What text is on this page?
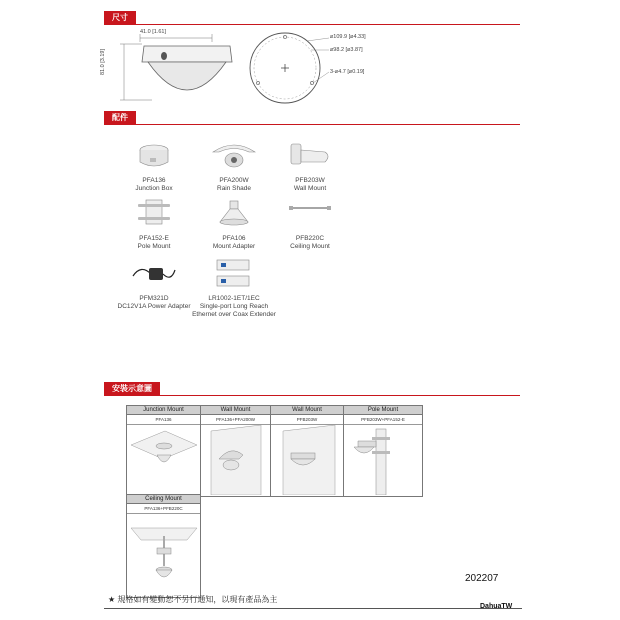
尺寸
41.0 [1.61]
81.0 [3.19]
⌀109.9 [⌀4.33]
⌀98.2 [⌀3.87]
3-⌀4.7 [⌀0.19]
配件
PFA136
Junction Box
PFA200W
Rain Shade
PFB203W
Wall Mount
PFA152-E
Pole Mount
PFA106
Mount Adapter
PFB220C
Ceiling Mount
PFM321D
DC12V1A Power Adapter
LR1002-1ET/1EC
Single-port Long Reach Ethernet over Coax Extender
安裝示意圖
Junction Mount
PFA136
Wall Mount
PFA136+PFA200W
Wall Mount
PFB203W
Pole Mount
PFB203W+PFA152-E
Ceiling Mount
PFA136+PFB220C
202207
★ 規格如有變動恕不另行通知，以現有產品為主
DahuaTW
